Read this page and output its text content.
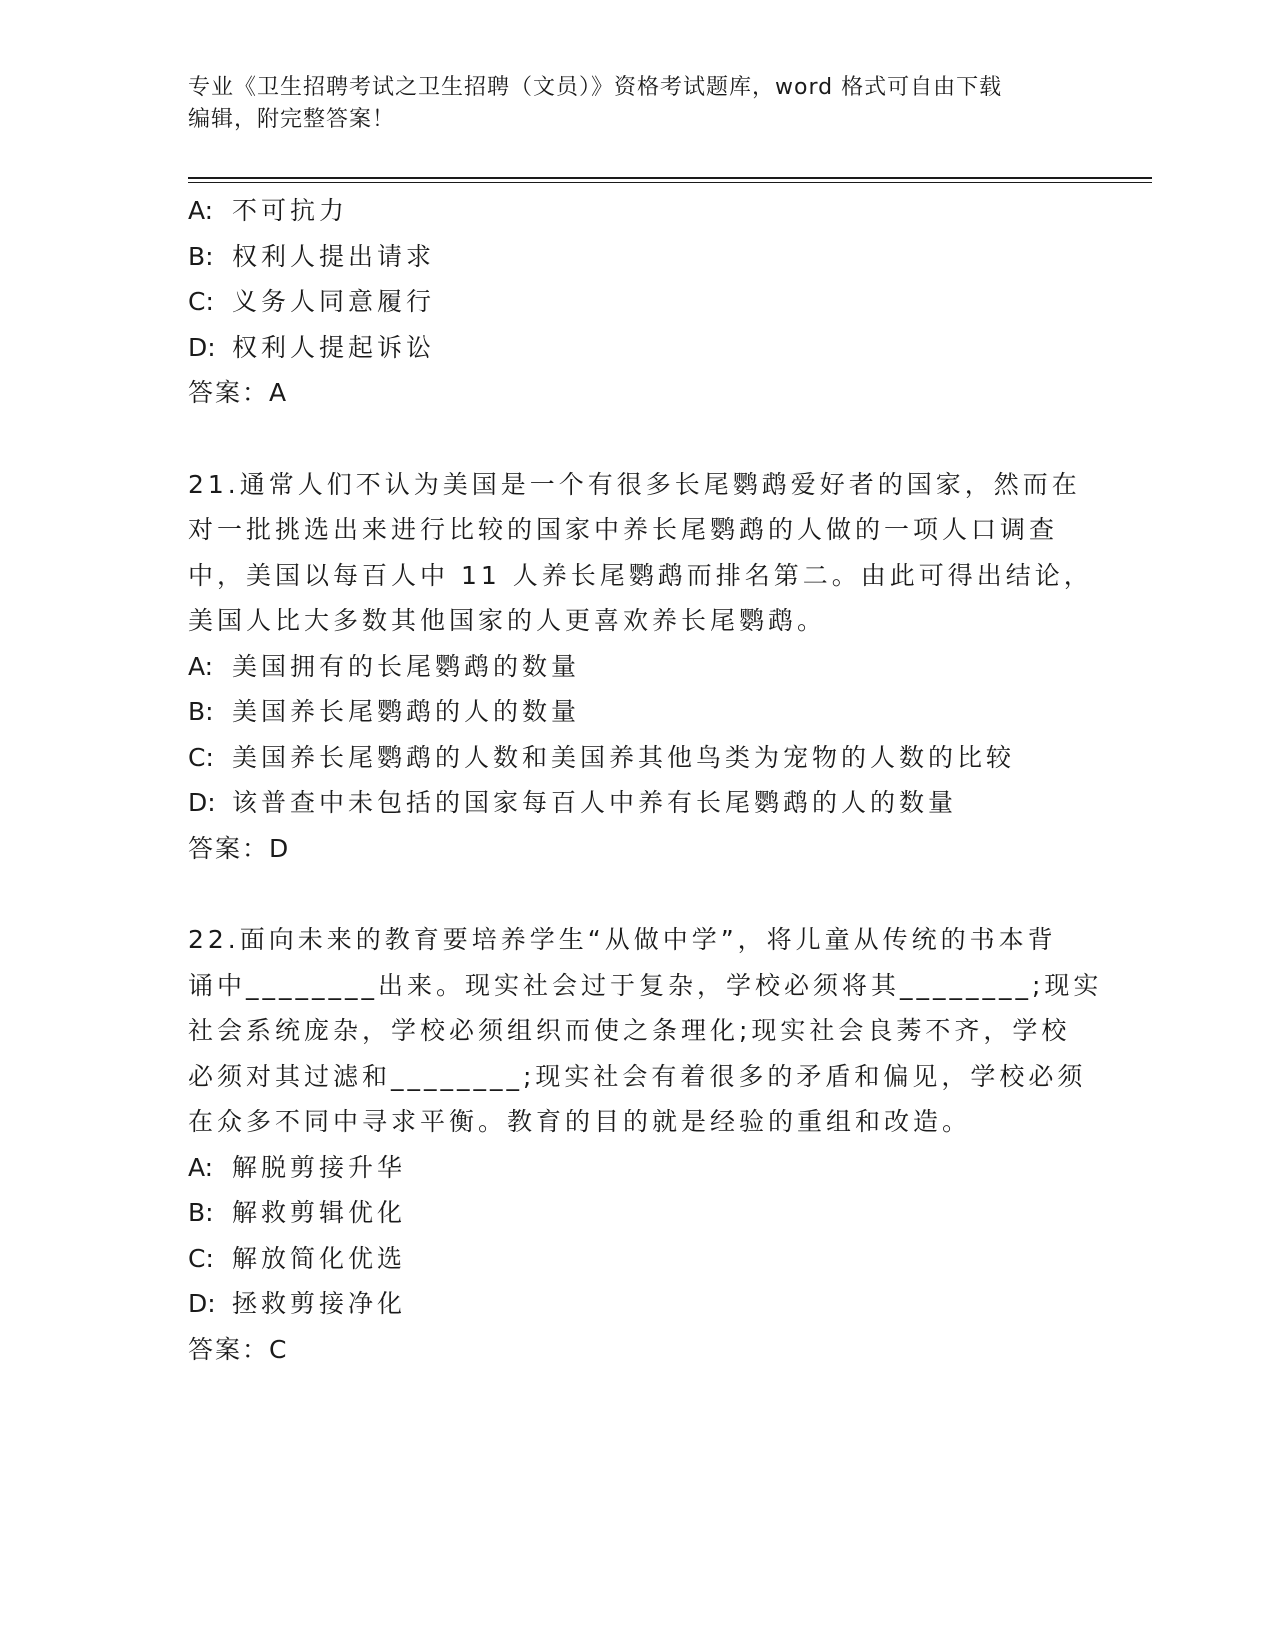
专业《卫生招聘考试之卫生招聘（文员）》资格考试题库，word 格式可自由下载
编辑，附完整答案！
A: 不可抗力
B: 权利人提出请求
C: 义务人同意履行
D: 权利人提起诉讼
答案：A
21.通常人们不认为美国是一个有很多长尾鹦鹉爱好者的国家，然而在
对一批挑选出来进行比较的国家中养长尾鹦鹉的人做的一项人口调查
中，美国以每百人中 11 人养长尾鹦鹉而排名第二。由此可得出结论，
美国人比大多数其他国家的人更喜欢养长尾鹦鹉。
A: 美国拥有的长尾鹦鹉的数量
B: 美国养长尾鹦鹉的人的数量
C: 美国养长尾鹦鹉的人数和美国养其他鸟类为宠物的人数的比较
D: 该普查中未包括的国家每百人中养有长尾鹦鹉的人的数量
答案：D
22.面向未来的教育要培养学生“从做中学”，将儿童从传统的书本背
诵中________出来。现实社会过于复杂，学校必须将其________;现实
社会系统庞杂，学校必须组织而使之条理化;现实社会良莠不齐，学校
必须对其过滤和________;现实社会有着很多的矛盾和偏见，学校必须
在众多不同中寻求平衡。教育的目的就是经验的重组和改造。
A: 解脱剪接升华
B: 解救剪辑优化
C: 解放简化优选
D: 拯救剪接净化
答案：C
